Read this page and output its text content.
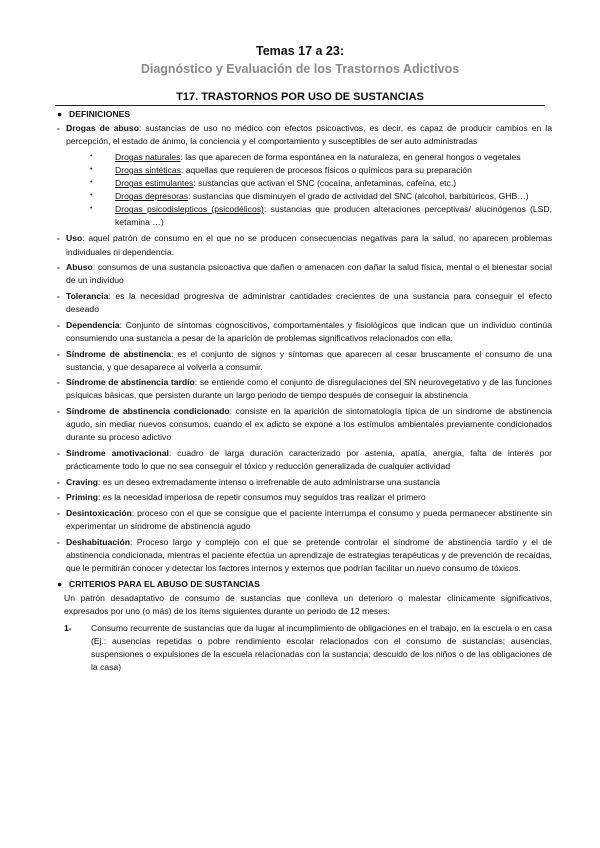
Temas 17 a 23:
Diagnóstico y Evaluación de los Trastornos Adictivos
T17. TRASTORNOS POR USO DE SUSTANCIAS
● DEFINICIONES
- Drogas de abuso: sustancias de uso no médico con efectos psicoactivos, es decir, es capaz de producir cambios en la percepción, el estado de ánimo, la conciencia y el comportamiento y susceptibles de ser auto administradas
•	Drogas naturales: las que aparecen de forma espontánea en la naturaleza, en general hongos o vegetales
•	Drogas sintéticas: aquellas que requieren de procesos físicos o químicos para su preparación
•	Drogas estimulantes: sustancias que activan el SNC (cocaína, anfetaminas, cafeína, etc.)
•	Drogas depresoras: sustancias que disminuyen el grado de actividad del SNC (alcohol, barbitúricos, GHB…)
•	Drogas psicodislepticos (psicodélicos): sustancias que producen alteraciones perceptivas/ alucinógenos (LSD, ketamina …)
- Uso: aquel patrón de consumo en el que no se producen consecuencias negativas para la salud, no aparecen problemas individuales ni dependencia.
- Abuso: consumos de una sustancia psicoactiva que dañen o amenacen con dañar la salud física, mental o el bienestar social de un individuo
- Tolerancia: es la necesidad progresiva de administrar cantidades crecientes de una sustancia para conseguir el efecto deseado
- Dependencia: Conjunto de síntomas cognoscitivos, comportamentales y fisiológicos que indican que un individuo continúa consumiendo una sustancia a pesar de la aparición de problemas significativos relacionados con ella.
- Síndrome de abstinencia: es el conjunto de signos y síntomas que aparecen al cesar bruscamente el consumo de una sustancia, y que desaparece al volverla a consumir.
- Síndrome de abstinencia tardío: se entiende como el conjunto de disregulaciones del SN neurovegetativo y de las funciones psíquicas básicas, que persisten durante un largo periodo de tiempo después de conseguir la abstinencia
- Síndrome de abstinencia condicionado: consiste en la aparición de sintomatología típica de un síndrome de abstinencia agudo, sin mediar nuevos consumos, cuando el ex adicto se expone a los estímulos ambientales previamente condicionados durante su proceso adictivo
- Síndrome amotivacional: cuadro de larga duración caracterizado por astenia, apatía, anergia, falta de interés por prácticamente todo lo que no sea conseguir el tóxico y reducción generalizada de cualquier actividad
- Craving: es un deseo extremadamente intenso o irrefrenable de auto administrarse una sustancia
- Priming: es la necesidad imperiosa de repetir consumos muy seguidos tras realizar el primero
- Desintoxicación: proceso con el que se consigue que el paciente interrumpa el consumo y pueda permanecer abstinente sin experimentar un síndrome de abstinencia agudo
- Deshabituación: Proceso largo y complejo con el que se pretende controlar el síndrome de abstinencia tardío y el de abstinencia condicionada, mientras el paciente efectúa un aprendizaje de estrategias terapéuticas y de prevención de recaídas, que le permitirán conocer y detectar los factores internos y externos que podrían facilitar un nuevo consumo de tóxicos.
● CRITERIOS PARA EL ABUSO DE SUSTANCIAS
Un patrón desadaptativo de consumo de sustancias que conlleva un deterioro o malestar clínicamente significativos, expresados por uno (o más) de los ítems siguientes durante un periodo de 12 meses:
1- Consumo recurrente de sustancias que da lugar al incumplimiento de obligaciones en el trabajo, en la escuela o en casa (Ej.: ausencias repetidas o pobre rendimiento escolar relacionados con el consumo de sustancias; ausencias, suspensiones o expulsiones de la escuela relacionadas con la sustancia; descuido de los niños o de las obligaciones de la casa)
